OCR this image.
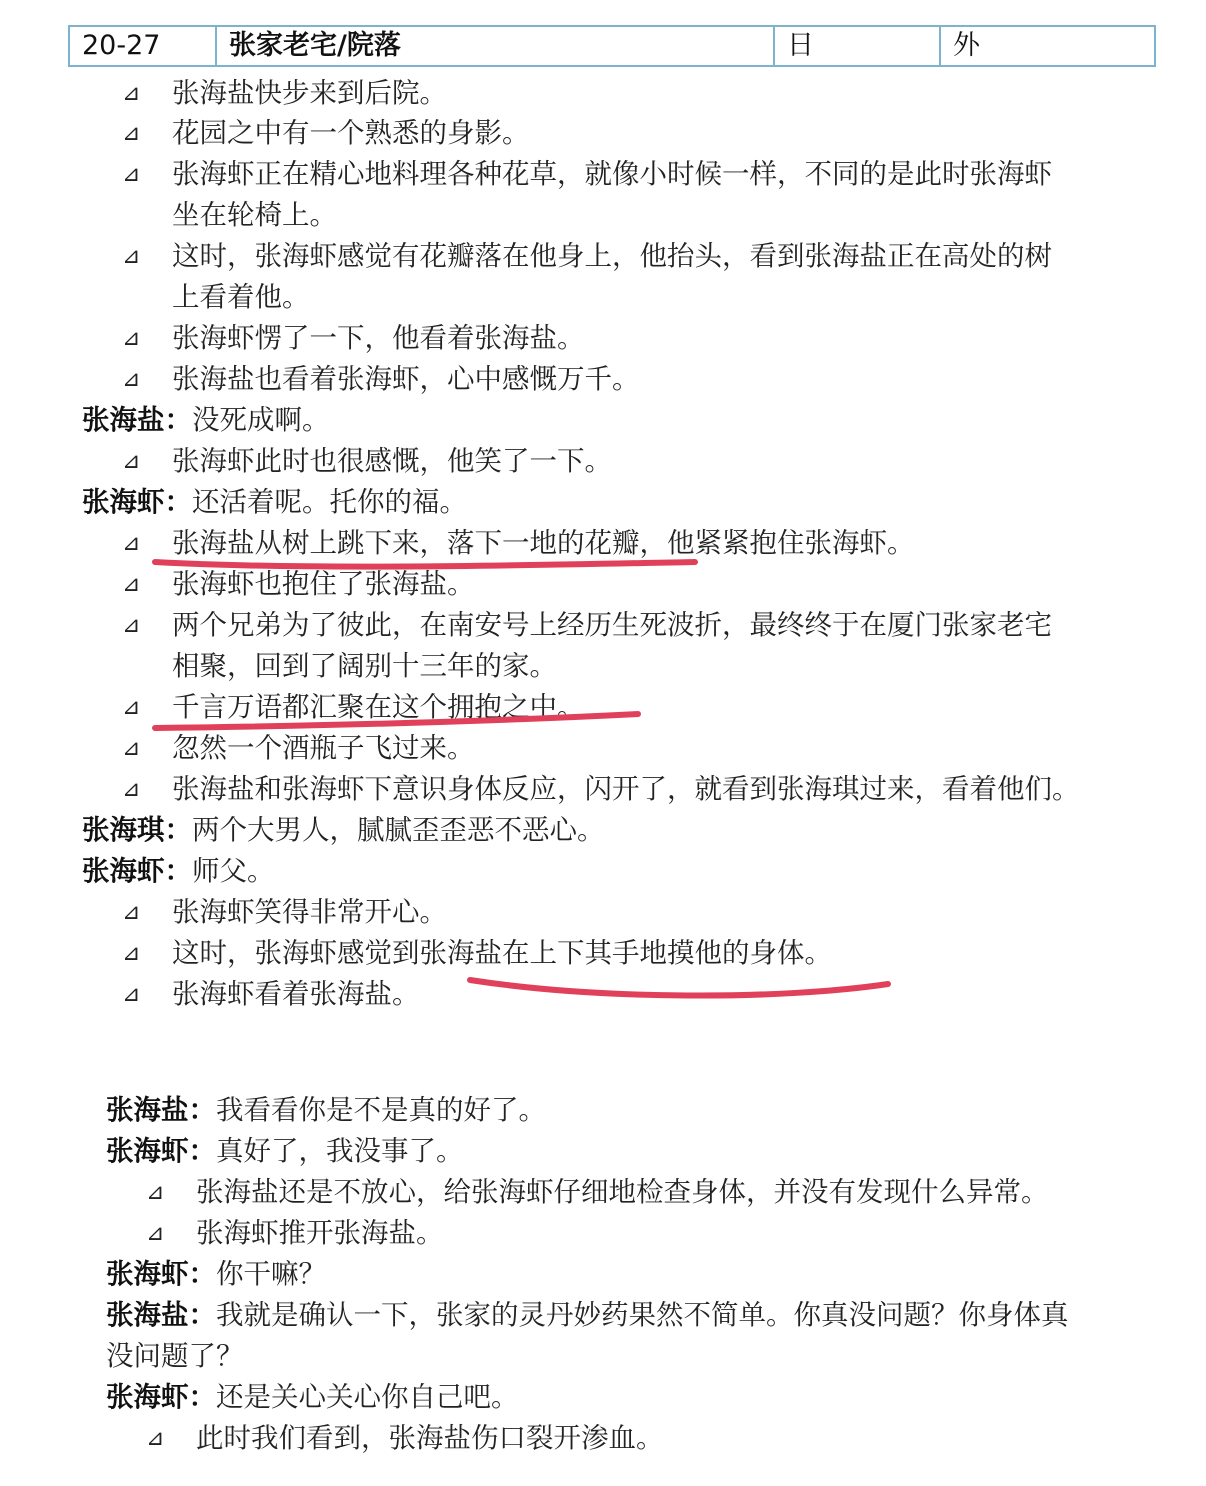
20-27	张家老宅/院落	日	外
⊿ 张海盐快步来到后院。
⊿ 花园之中有一个熟悉的身影。
⊿ 张海虾正在精心地料理各种花草，就像小时候一样，不同的是此时张海虾
坐在轮椅上。
⊿ 这时，张海虾感觉有花瓣落在他身上，他抬头，看到张海盐正在高处的树
上看着他。
⊿ 张海虾愣了一下，他看着张海盐。
⊿ 张海盐也看着张海虾，心中感慨万千。
张海盐：没死成啊。
⊿ 张海虾此时也很感慨，他笑了一下。
张海虾：还活着呢。托你的福。
⊿ 张海盐从树上跳下来，落下一地的花瓣，他紧紧抱住张海虾。
⊿ 张海虾也抱住了张海盐。
⊿ 两个兄弟为了彼此，在南安号上经历生死波折，最终终于在厦门张家老宅
相聚，回到了阔别十三年的家。
⊿ 千言万语都汇聚在这个拥抱之中。
⊿ 忽然一个酒瓶子飞过来。
⊿ 张海盐和张海虾下意识身体反应，闪开了，就看到张海琪过来，看着他们。
张海琪：两个大男人，腻腻歪歪恶不恶心。
张海虾：师父。
⊿ 张海虾笑得非常开心。
⊿ 这时，张海虾感觉到张海盐在上下其手地摸他的身体。
⊿ 张海虾看着张海盐。
张海盐：我看看你是不是真的好了。
张海虾：真好了，我没事了。
⊿ 张海盐还是不放心，给张海虾仔细地检查身体，并没有发现什么异常。
⊿ 张海虾推开张海盐。
张海虾：你干嘛？
张海盐：我就是确认一下，张家的灵丹妙药果然不简单。你真没问题？你身体真
没问题了？
张海虾：还是关心关心你自己吧。
⊿ 此时我们看到，张海盐伤口裂开渗血。
